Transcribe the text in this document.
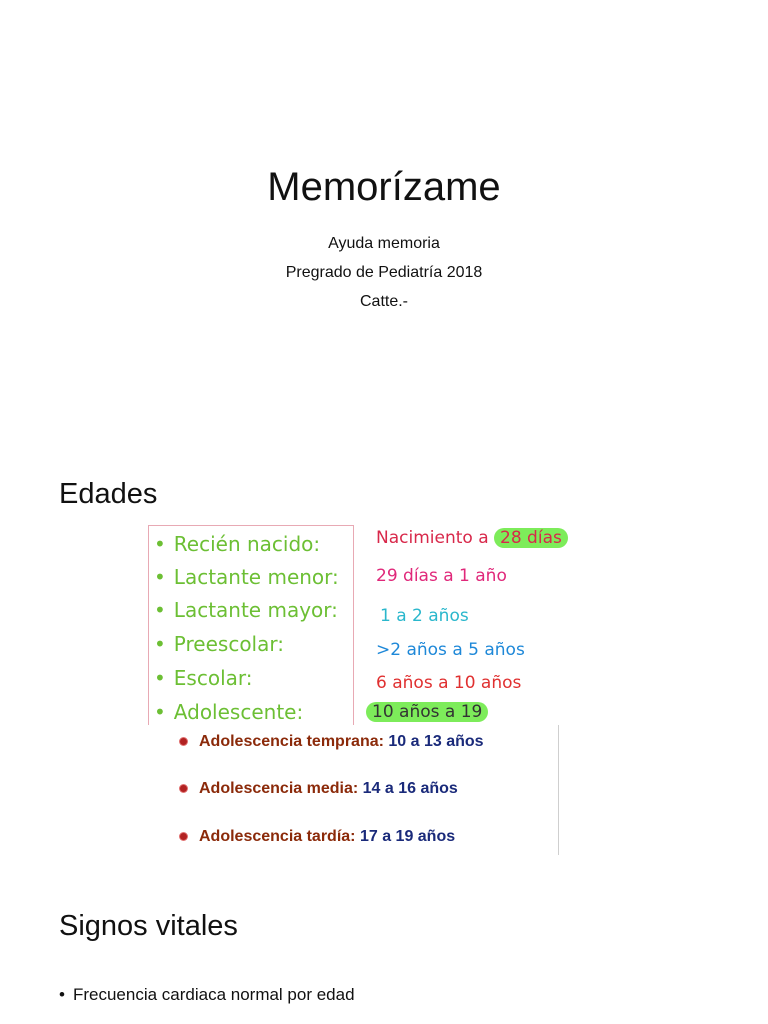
Memorízame
Ayuda memoria
Pregrado de Pediatría 2018
Catte.-
Edades
• Recién nacido:
• Lactante menor:
• Lactante mayor:
• Preescolar:
• Escolar:
• Adolescente:
Nacimiento a 28 días
29 días a 1 año
1 a 2 años
>2 años a 5 años
6 años a 10 años
10 años a 19
Adolescencia temprana: 10 a 13 años
Adolescencia media: 14 a 16 años
Adolescencia tardía: 17 a 19 años
Signos vitales
• Frecuencia cardiaca normal por edad
